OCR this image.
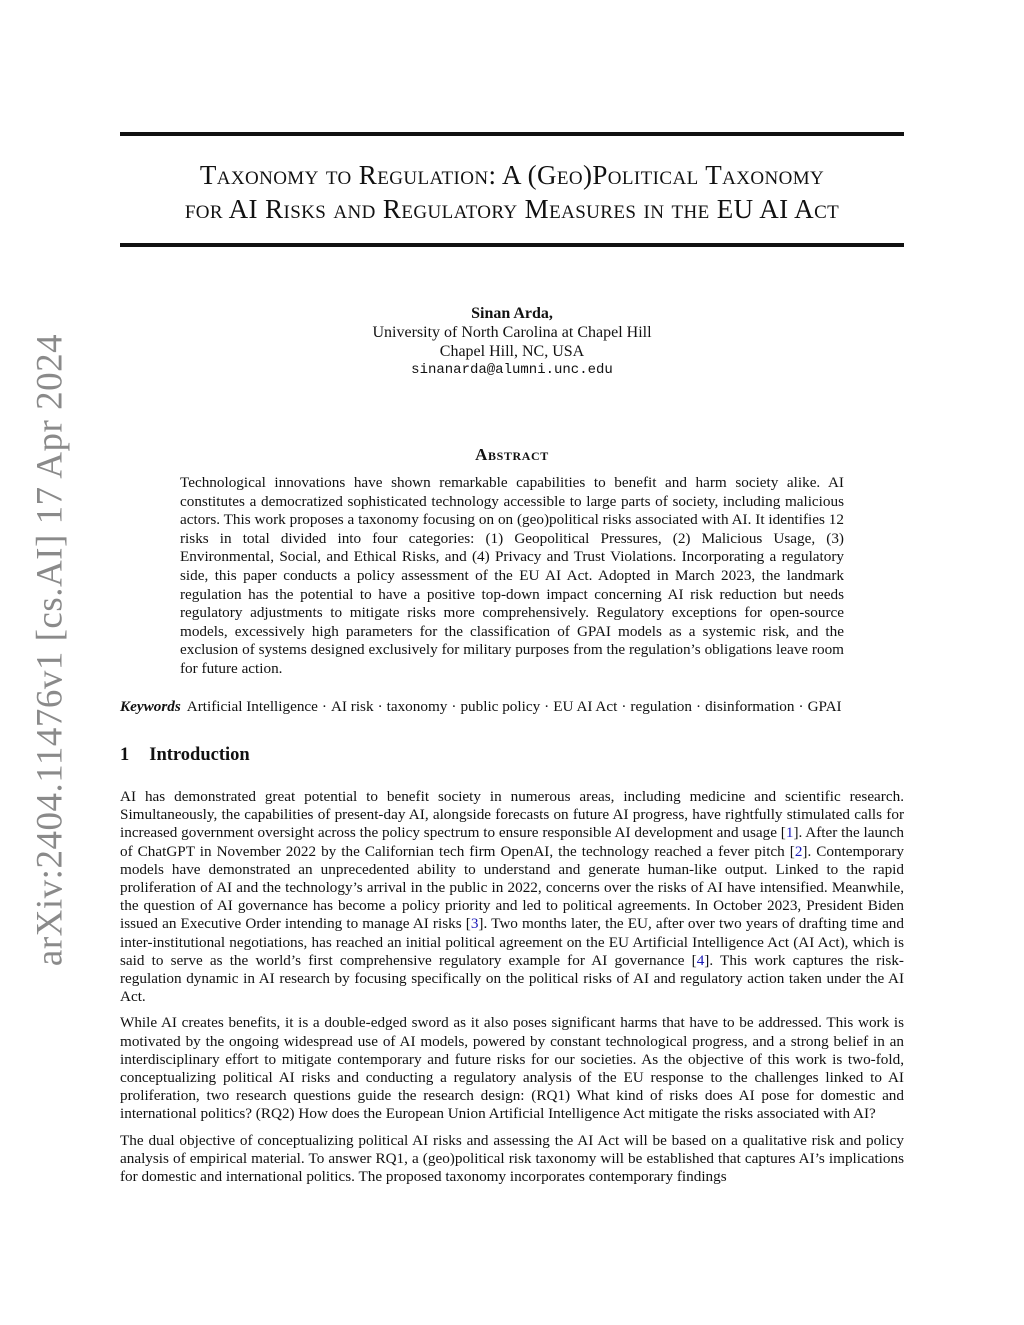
arXiv:2404.11476v1 [cs.AI] 17 Apr 2024
Taxonomy to Regulation: A (Geo)Political Taxonomy
for AI Risks and Regulatory Measures in the EU AI Act
Sinan Arda,
University of North Carolina at Chapel Hill
Chapel Hill, NC, USA
sinanarda@alumni.unc.edu
Abstract
Technological innovations have shown remarkable capabilities to benefit and harm society alike. AI constitutes a democratized sophisticated technology accessible to large parts of society, including malicious actors. This work proposes a taxonomy focusing on on (geo)political risks associated with AI. It identifies 12 risks in total divided into four categories: (1) Geopolitical Pressures, (2) Malicious Usage, (3) Environmental, Social, and Ethical Risks, and (4) Privacy and Trust Violations. Incorporating a regulatory side, this paper conducts a policy assessment of the EU AI Act. Adopted in March 2023, the landmark regulation has the potential to have a positive top-down impact concerning AI risk reduction but needs regulatory adjustments to mitigate risks more comprehensively. Regulatory exceptions for open-source models, excessively high parameters for the classification of GPAI models as a systemic risk, and the exclusion of systems designed exclusively for military purposes from the regulation’s obligations leave room for future action.
Keywords Artificial Intelligence · AI risk · taxonomy · public policy · EU AI Act · regulation · disinformation · GPAI
1 Introduction

AI has demonstrated great potential to benefit society in numerous areas, including medicine and scientific research. Simultaneously, the capabilities of present-day AI, alongside forecasts on future AI progress, have rightfully stimulated calls for increased government oversight across the policy spectrum to ensure responsible AI development and usage [1]. After the launch of ChatGPT in November 2022 by the Californian tech firm OpenAI, the technology reached a fever pitch [2]. Contemporary models have demonstrated an unprecedented ability to understand and generate human-like output. Linked to the rapid proliferation of AI and the technology’s arrival in the public in 2022, concerns over the risks of AI have intensified. Meanwhile, the question of AI governance has become a policy priority and led to political agreements. In October 2023, President Biden issued an Executive Order intending to manage AI risks [3]. Two months later, the EU, after over two years of drafting time and inter-institutional negotiations, has reached an initial political agreement on the EU Artificial Intelligence Act (AI Act), which is said to serve as the world’s first comprehensive regulatory example for AI governance [4]. This work captures the risk-regulation dynamic in AI research by focusing specifically on the political risks of AI and regulatory action taken under the AI Act.

While AI creates benefits, it is a double-edged sword as it also poses significant harms that have to be addressed. This work is motivated by the ongoing widespread use of AI models, powered by constant technological progress, and a strong belief in an interdisciplinary effort to mitigate contemporary and future risks for our societies. As the objective of this work is two-fold, conceptualizing political AI risks and conducting a regulatory analysis of the EU response to the challenges linked to AI proliferation, two research questions guide the research design: (RQ1) What kind of risks does AI pose for domestic and international politics? (RQ2) How does the European Union Artificial Intelligence Act mitigate the risks associated with AI?

The dual objective of conceptualizing political AI risks and assessing the AI Act will be based on a qualitative risk and policy analysis of empirical material. To answer RQ1, a (geo)political risk taxonomy will be established that captures AI’s implications for domestic and international politics. The proposed taxonomy incorporates contemporary findings
